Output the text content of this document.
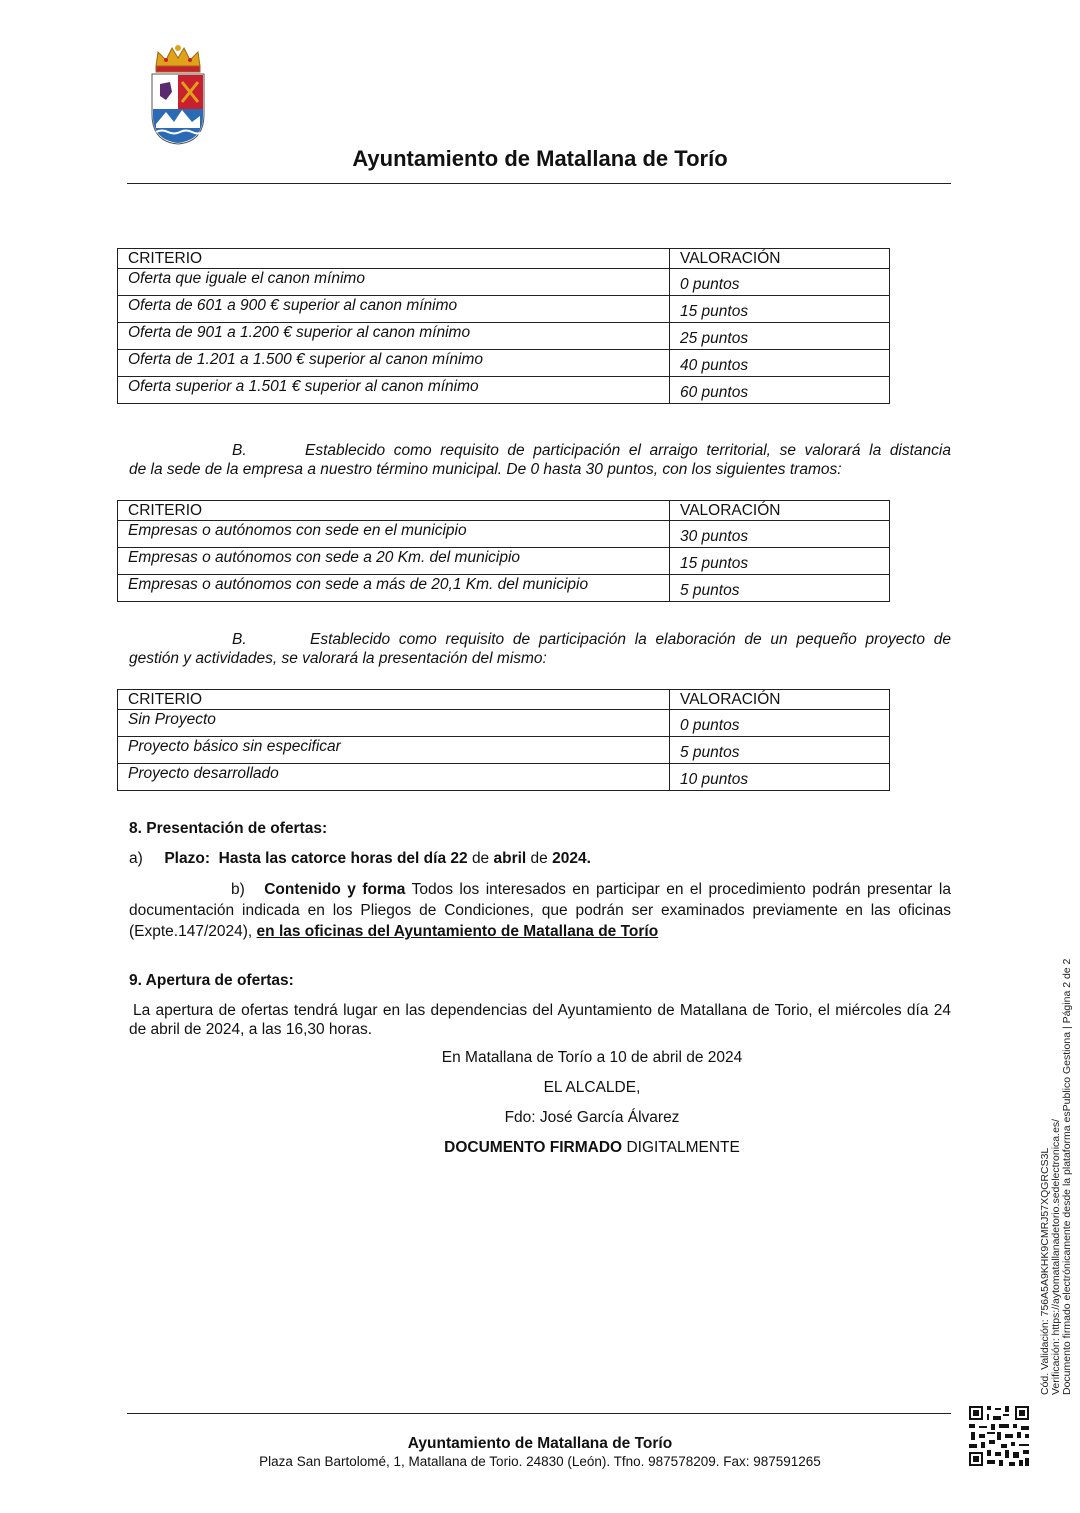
Ayuntamiento de Matallana de Torío
CRITERIO	VALORACIÓN
Oferta que iguale el canon mínimo	0 puntos
Oferta de 601 a 900 € superior al canon mínimo	15 puntos
Oferta de 901 a 1.200 € superior al canon mínimo	25 puntos
Oferta de 1.201 a 1.500 € superior al canon mínimo	40 puntos
Oferta superior a 1.501 € superior al canon mínimo	60 puntos
B.	Establecido como requisito de participación el arraigo territorial, se valorará la distancia
de la sede de la empresa a nuestro término municipal. De 0 hasta 30 puntos, con los siguientes tramos:
CRITERIO	VALORACIÓN
Empresas o autónomos con sede en el municipio	30 puntos
Empresas o autónomos con sede a 20 Km. del municipio	15 puntos
Empresas o autónomos con sede a más de 20,1 Km. del municipio	5 puntos
B.	Establecido como requisito de participación la elaboración de un pequeño proyecto de
gestión y actividades, se valorará la presentación del mismo:
CRITERIO	VALORACIÓN
Sin Proyecto	0 puntos
Proyecto básico sin especificar	5 puntos
Proyecto desarrollado	10 puntos
8. Presentación de ofertas:
a) Plazo: Hasta las catorce horas del día 22 de abril de 2024.
b) Contenido y forma Todos los interesados en participar en el procedimiento podrán presentar la documentación indicada en los Pliegos de Condiciones, que podrán ser examinados previamente en las oficinas (Expte.147/2024), en las oficinas del Ayuntamiento de Matallana de Torío
9. Apertura de ofertas:
La apertura de ofertas tendrá lugar en las dependencias del Ayuntamiento de Matallana de Torio, el miércoles día 24 de abril de 2024, a las 16,30 horas.
En Matallana de Torío a 10 de abril de 2024
EL ALCALDE,
Fdo: José García Álvarez
DOCUMENTO FIRMADO DIGITALMENTE
Cód. Validación: 756A5A9KHK9CMRJ57XQGRCS3L Verificación: https://aytomatallanadetorio.sedelectronica.es/ Documento firmado electrónicamente desde la plataforma esPublico Gestiona | Página 2 de 2
Ayuntamiento de Matallana de Torío
Plaza San Bartolomé, 1, Matallana de Torio. 24830 (León). Tfno. 987578209. Fax: 987591265
